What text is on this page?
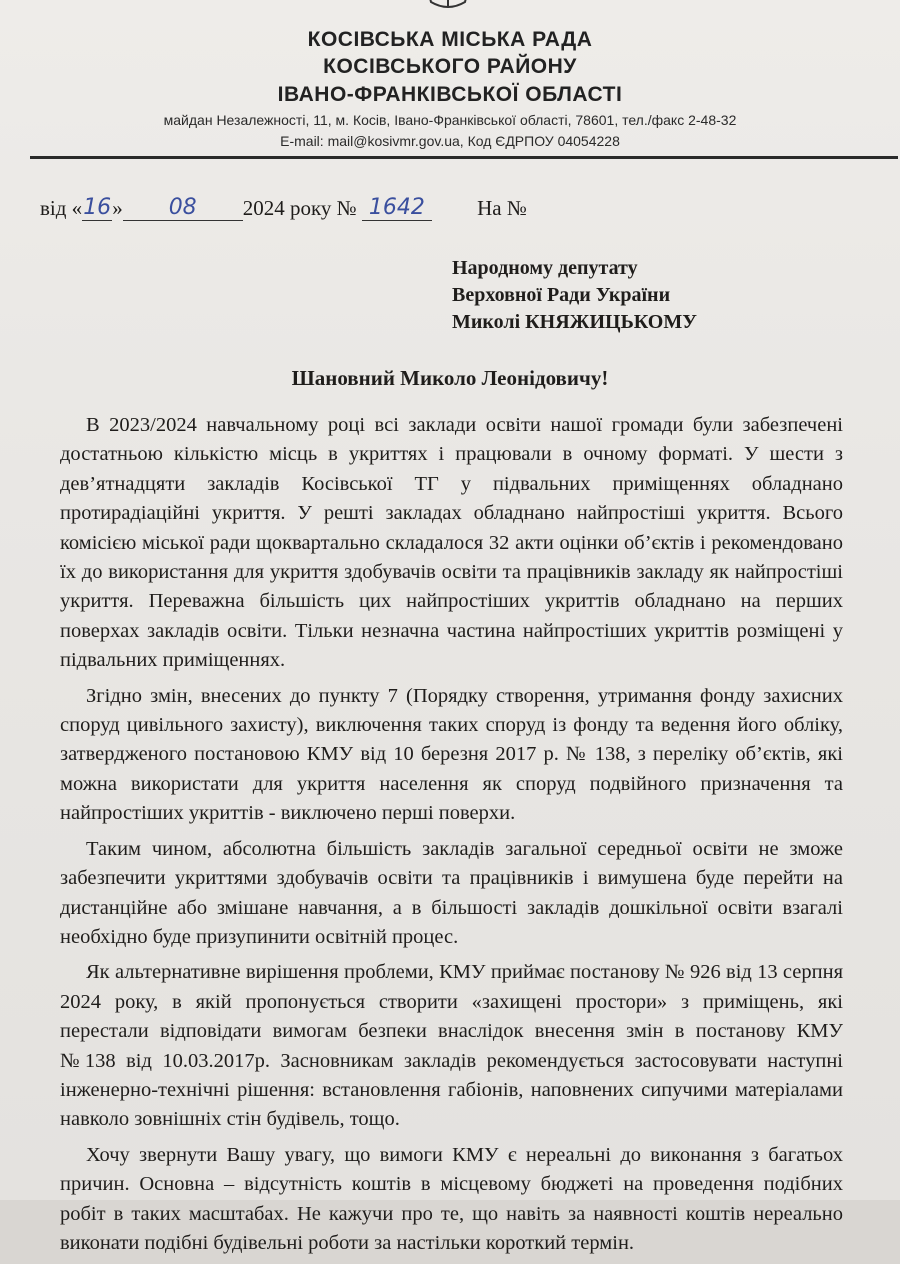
КОСІВСЬКА МІСЬКА РАДА
КОСІВСЬКОГО РАЙОНУ
ІВАНО-ФРАНКІВСЬКОЇ ОБЛАСТІ
майдан Незалежності, 11, м. Косів, Івано-Франківської області, 78601, тел./факс 2-48-32
E-mail: mail@kosivmr.gov.ua, Код ЄДРПОУ 04054228
від «16» 08 2024 року № 1642 На №
Народному депутату
Верховної Ради України
Миколі КНЯЖИЦЬКОМУ
Шановний Миколо Леонідовичу!

В 2023/2024 навчальному році всі заклади освіти нашої громади були забезпечені достатньою кількістю місць в укриттях і працювали в очному форматі. У шести з дев’ятнадцяти закладів Косівської ТГ у підвальних приміщеннях обладнано протирадіаційні укриття. У решті закладах обладнано найпростіші укриття. Всього комісією міської ради щоквартально складалося 32 акти оцінки об’єктів і рекомендовано їх до використання для укриття здобувачів освіти та працівників закладу як найпростіші укриття. Переважна більшість цих найпростіших укриттів обладнано на перших поверхах закладів освіти. Тільки незначна частина найпростіших укриттів розміщені у підвальних приміщеннях.

Згідно змін, внесених до пункту 7 (Порядку створення, утримання фонду захисних споруд цивільного захисту), виключення таких споруд із фонду та ведення його обліку, затвердженого постановою КМУ від 10 березня 2017 р. № 138, з переліку об’єктів, які можна використати для укриття населення як споруд подвійного призначення та найпростіших укриттів - виключено перші поверхи.

Таким чином, абсолютна більшість закладів загальної середньої освіти не зможе забезпечити укриттями здобувачів освіти та працівників і вимушена буде перейти на дистанційне або змішане навчання, а в більшості закладів дошкільної освіти взагалі необхідно буде призупинити освітній процес.

Як альтернативне вирішення проблеми, КМУ приймає постанову № 926 від 13 серпня 2024 року, в якій пропонується створити «захищені простори» з приміщень, які перестали відповідати вимогам безпеки внаслідок внесення змін в постанову КМУ №138 від 10.03.2017р. Засновникам закладів рекомендується застосовувати наступні інженерно-технічні рішення: встановлення габіонів, наповнених сипучими матеріалами навколо зовнішніх стін будівель, тощо.

Хочу звернути Вашу увагу, що вимоги КМУ є нереальні до виконання з багатьох причин. Основна – відсутність коштів в місцевому бюджеті на проведення подібних робіт в таких масштабах. Не кажучи про те, що навіть за наявності коштів нереально виконати подібні будівельні роботи за настільки короткий термін.
